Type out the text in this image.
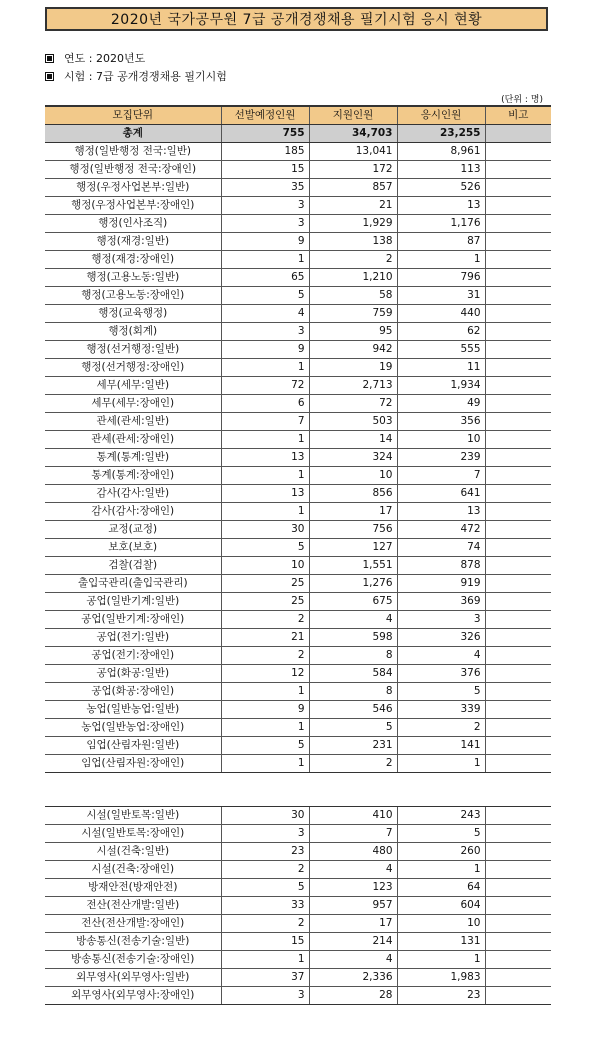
2020년 국가공무원 7급 공개경쟁채용 필기시험 응시 현황
연도 : 2020년도
시험 : 7급 공개경쟁채용 필기시험
(단위 : 명)
모집단위	선발예정인원	지원인원	응시인원	비고
총계	755	34,703	23,255	
행정(일반행정 전국:일반)	185	13,041	8,961	
행정(일반행정 전국:장애인)	15	172	113	
행정(우정사업본부:일반)	35	857	526	
행정(우정사업본부:장애인)	3	21	13	
행정(인사조직)	3	1,929	1,176	
행정(재경:일반)	9	138	87	
행정(재경:장애인)	1	2	1	
행정(고용노동:일반)	65	1,210	796	
행정(고용노동:장애인)	5	58	31	
행정(교육행정)	4	759	440	
행정(회계)	3	95	62	
행정(선거행정:일반)	9	942	555	
행정(선거행정:장애인)	1	19	11	
세무(세무:일반)	72	2,713	1,934	
세무(세무:장애인)	6	72	49	
관세(관세:일반)	7	503	356	
관세(관세:장애인)	1	14	10	
통계(통계:일반)	13	324	239	
통계(통계:장애인)	1	10	7	
감사(감사:일반)	13	856	641	
감사(감사:장애인)	1	17	13	
교정(교정)	30	756	472	
보호(보호)	5	127	74	
검찰(검찰)	10	1,551	878	
출입국관리(출입국관리)	25	1,276	919	
공업(일반기계:일반)	25	675	369	
공업(일반기계:장애인)	2	4	3	
공업(전기:일반)	21	598	326	
공업(전기:장애인)	2	8	4	
공업(화공:일반)	12	584	376	
공업(화공:장애인)	1	8	5	
농업(일반농업:일반)	9	546	339	
농업(일반농업:장애인)	1	5	2	
임업(산림자원:일반)	5	231	141	
임업(산림자원:장애인)	1	2	1	
시설(일반토목:일반)	30	410	243	
시설(일반토목:장애인)	3	7	5	
시설(건축:일반)	23	480	260	
시설(건축:장애인)	2	4	1	
방재안전(방재안전)	5	123	64	
전산(전산개발:일반)	33	957	604	
전산(전산개발:장애인)	2	17	10	
방송통신(전송기술:일반)	15	214	131	
방송통신(전송기술:장애인)	1	4	1	
외무영사(외무영사:일반)	37	2,336	1,983	
외무영사(외무영사:장애인)	3	28	23	
